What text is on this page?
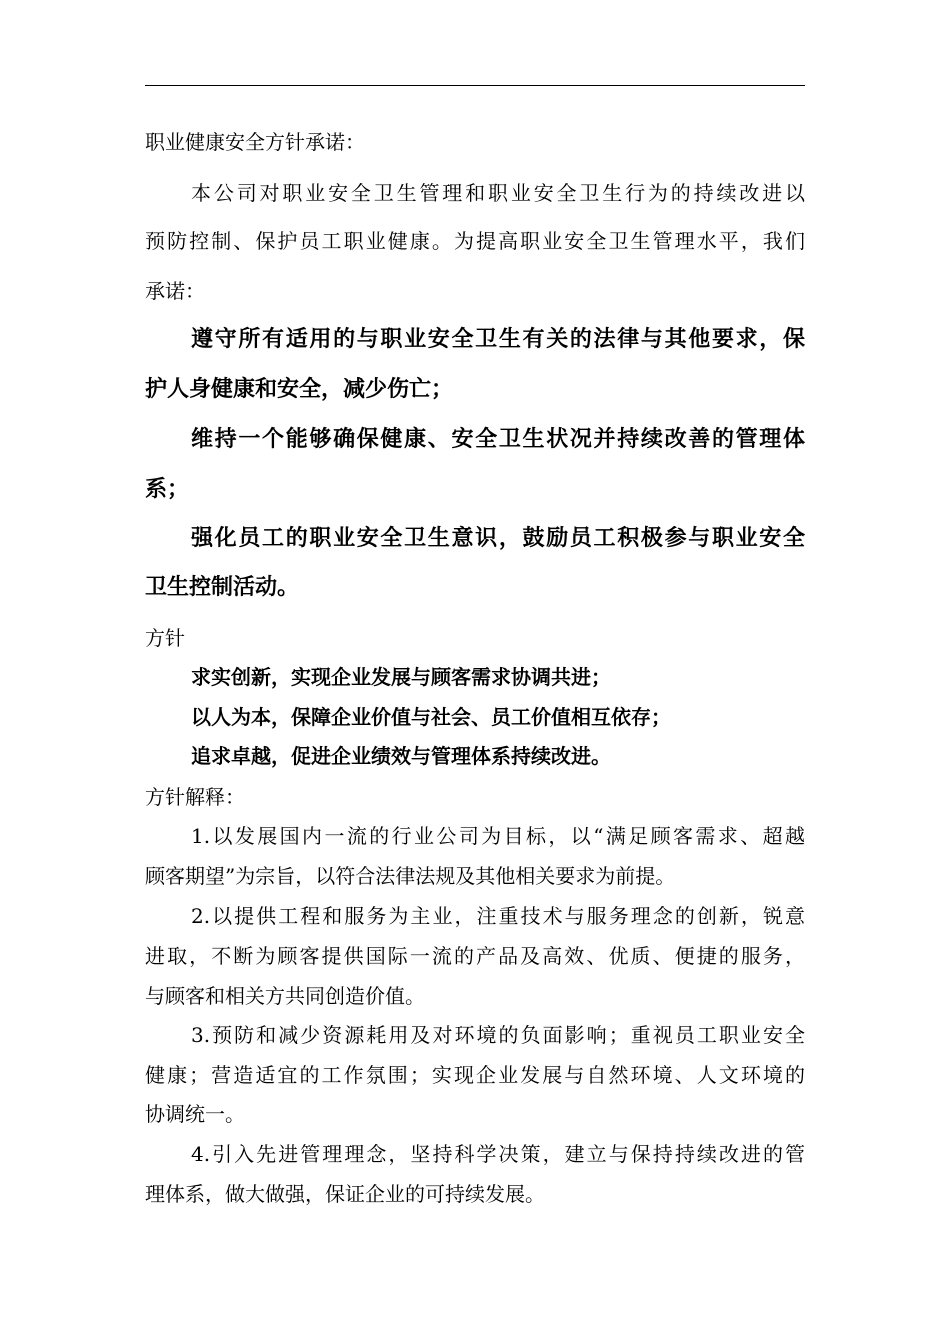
职业健康安全方针承诺：
本公司对职业安全卫生管理和职业安全卫生行为的持续改进以
预防控制、保护员工职业健康。为提高职业安全卫生管理水平，我们
承诺：
遵守所有适用的与职业安全卫生有关的法律与其他要求，保
护人身健康和安全，减少伤亡；
维持一个能够确保健康、安全卫生状况并持续改善的管理体
系；
强化员工的职业安全卫生意识，鼓励员工积极参与职业安全
卫生控制活动。
方针
求实创新，实现企业发展与顾客需求协调共进；
以人为本，保障企业价值与社会、员工价值相互依存；
追求卓越，促进企业绩效与管理体系持续改进。
方针解释：
1.以发展国内一流的行业公司为目标，以“满足顾客需求、超越
顾客期望”为宗旨，以符合法律法规及其他相关要求为前提。
2.以提供工程和服务为主业，注重技术与服务理念的创新，锐意
进取，不断为顾客提供国际一流的产品及高效、优质、便捷的服务，
与顾客和相关方共同创造价值。
3.预防和减少资源耗用及对环境的负面影响；重视员工职业安全
健康；营造适宜的工作氛围；实现企业发展与自然环境、人文环境的
协调统一。
4.引入先进管理理念，坚持科学决策，建立与保持持续改进的管
理体系，做大做强，保证企业的可持续发展。
